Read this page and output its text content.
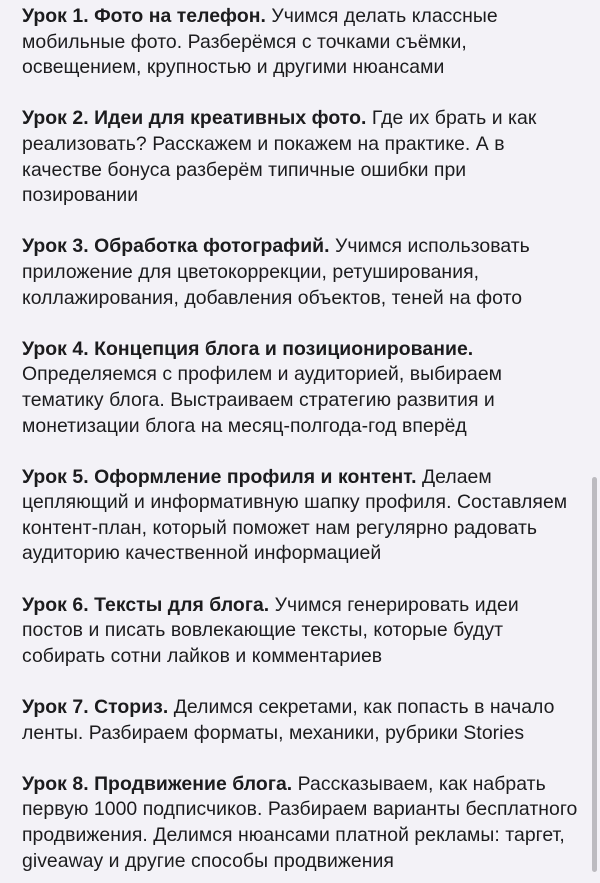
Урок 1. Фото на телефон. Учимся делать классные мобильные фото. Разберёмся с точками съёмки, освещением, крупностью и другими нюансами

Урок 2. Идеи для креативных фото. Где их брать и как реализовать? Расскажем и покажем на практике. А в качестве бонуса разберём типичные ошибки при позировании

Урок 3. Обработка фотографий. Учимся использовать приложение для цветокоррекции, ретуширования, коллажирования, добавления объектов, теней на фото

Урок 4. Концепция блога и позиционирование. Определяемся с профилем и аудиторией, выбираем тематику блога. Выстраиваем стратегию развития и монетизации блога на месяц-полгода-год вперёд

Урок 5. Оформление профиля и контент. Делаем цепляющий и информативную шапку профиля. Составляем контент-план, который поможет нам регулярно радовать аудиторию качественной информацией

Урок 6. Тексты для блога. Учимся генерировать идеи постов и писать вовлекающие тексты, которые будут собирать сотни лайков и комментариев

Урок 7. Сториз. Делимся секретами, как попасть в начало ленты. Разбираем форматы, механики, рубрики Stories

Урок 8. Продвижение блога. Рассказываем, как набрать первую 1000 подписчиков. Разбираем варианты бесплатного продвижения. Делимся нюансами платной рекламы: таргет, giveaway и другие способы продвижения
